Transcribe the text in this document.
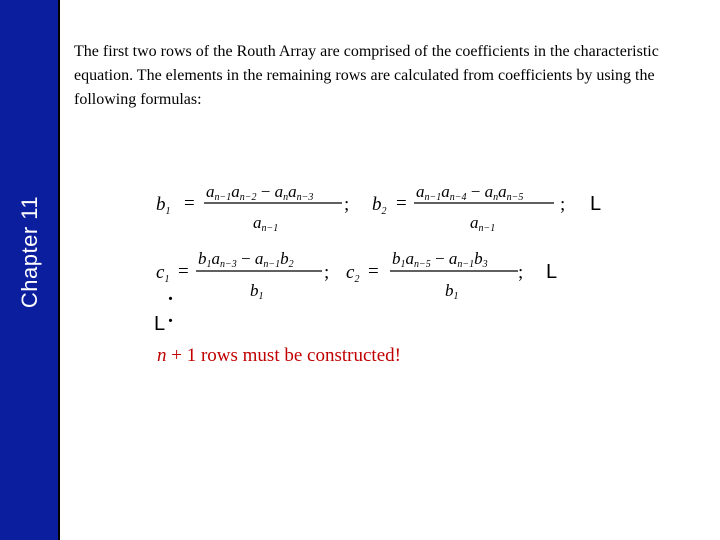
Chapter 11

The first two rows of the Routh Array are comprised of the coefficients in the characteristic equation. The elements in the remaining rows are calculated from coefficients by using the following formulas:

$b_1$ =
an−1an−2 − anan−3
an−1
; $b_2$ =
an−1an−4 − anan−5
an−1
; L
$c_1$ =
b1an−3 − an−1b2
b1
; $c_2$ =
b1an−5 − an−1b3
b1
; L
.
L .

n + 1 rows must be constructed!
